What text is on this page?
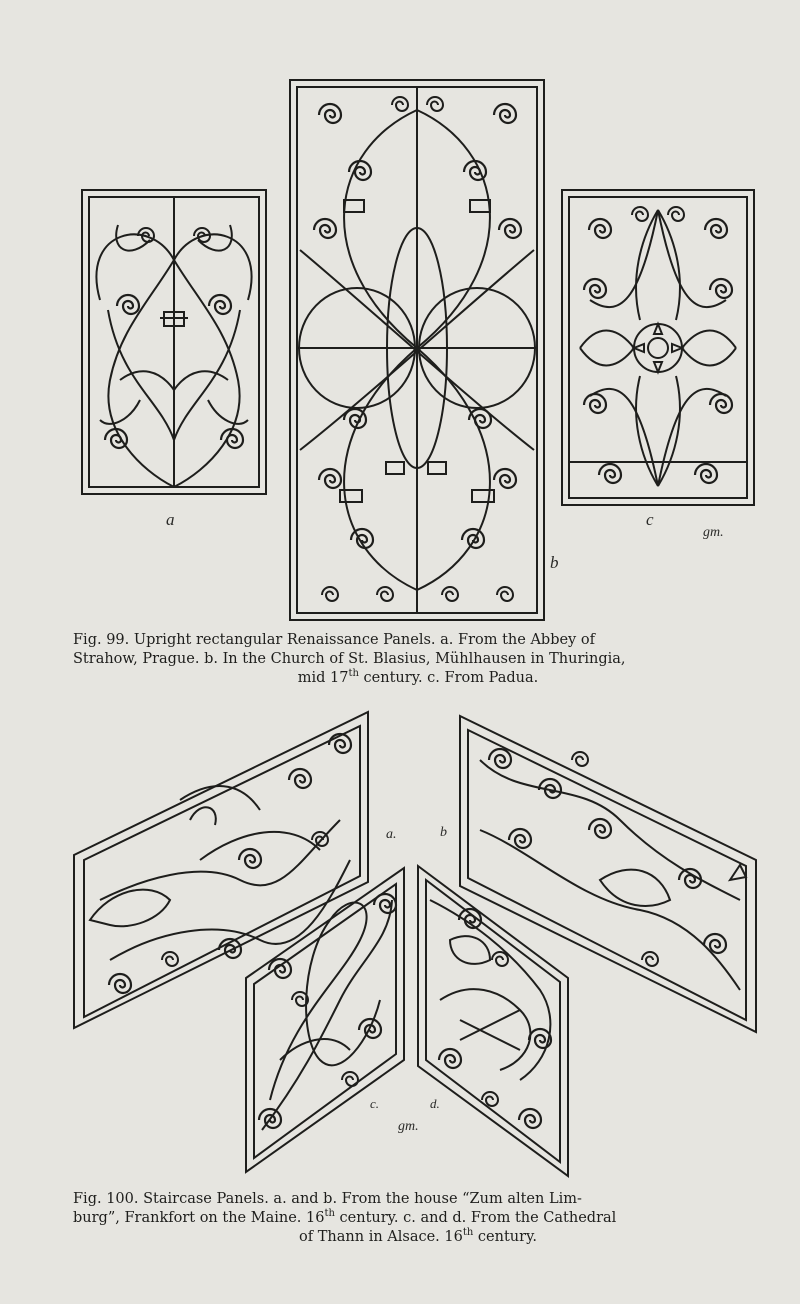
a
b
c
gm.
a.	b
c.	d.
gm.
Fig. 99. Upright rectangular Renaissance Panels. a. From the Abbey of
Strahow, Prague. b. In the Church of St. Blasius, Mühlhausen in Thuringia,
mid 17th century. c. From Padua.
Fig. 100. Staircase Panels. a. and b. From the house “Zum alten Lim-
burg”, Frankfort on the Maine. 16th century. c. and d. From the Cathedral
of Thann in Alsace. 16th century.
